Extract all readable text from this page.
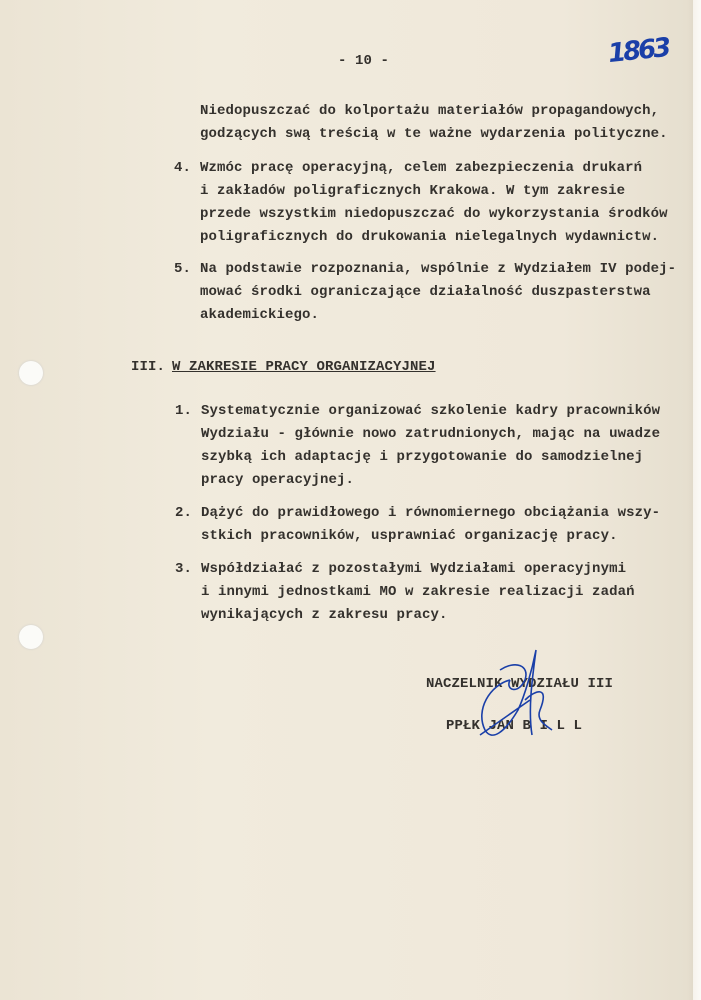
1863
- 10 -
Niedopuszczać do kolportażu materiałów propagandowych,
godzących swą treścią w te ważne wydarzenia polityczne.
4. Wzmóc pracę operacyjną, celem zabezpieczenia drukarń
i zakładów poligraficznych Krakowa. W tym zakresie
przede wszystkim niedopuszczać do wykorzystania środków
poligraficznych do drukowania nielegalnych wydawnictw.
5. Na podstawie rozpoznania, wspólnie z Wydziałem IV podej-
mować środki ograniczające działalność duszpasterstwa
akademickiego.
III. W ZAKRESIE PRACY ORGANIZACYJNEJ
1. Systematycznie organizować szkolenie kadry pracowników
Wydziału - głównie nowo zatrudnionych, mając na uwadze
szybką ich adaptację i przygotowanie do samodzielnej
pracy operacyjnej.
2. Dążyć do prawidłowego i równomiernego obciążania wszy-
stkich pracowników, usprawniać organizację pracy.
3. Współdziałać z pozostałymi Wydziałami operacyjnymi
i innymi jednostkami MO w zakresie realizacji zadań
wynikających z zakresu pracy.
NACZELNIK WYDZIAŁU III
PPŁK JAN B I L L
